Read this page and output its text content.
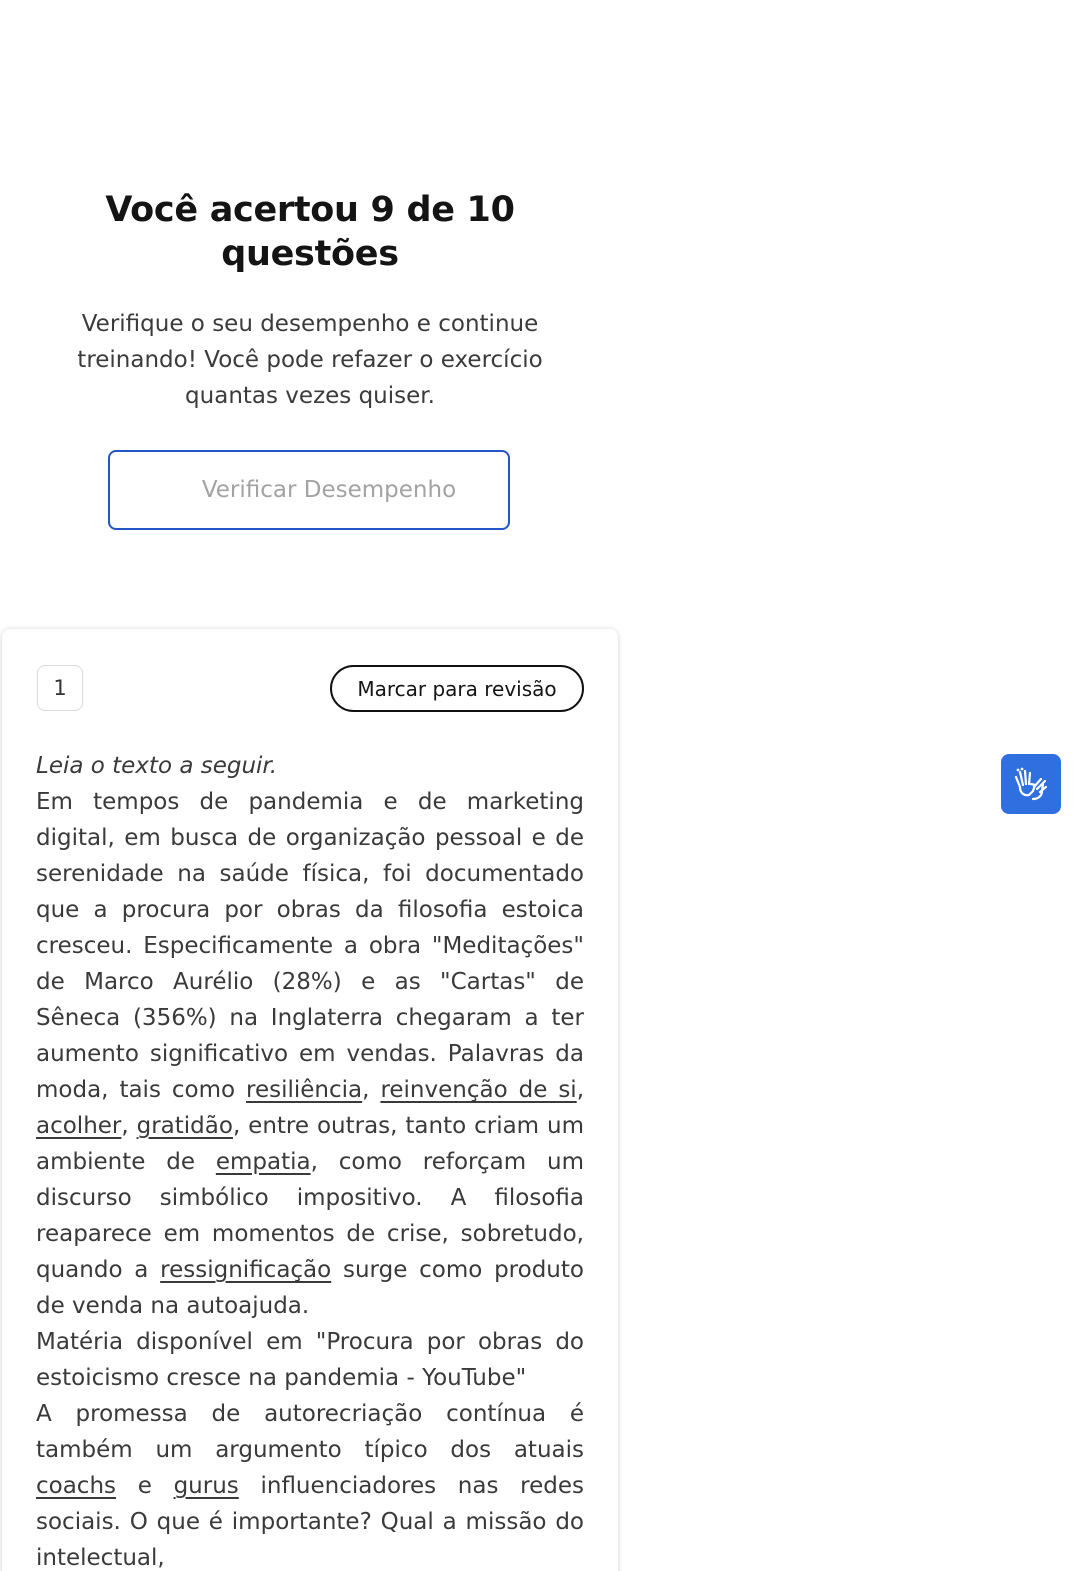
Você acertou 9 de 10 questões

Verifique o seu desempenho e continue treinando! Você pode refazer o exercício quantas vezes quiser.

Verificar Desempenho
1	Marcar para revisão

Leia o texto a seguir.

Em tempos de pandemia e de marketing digital, em busca de organização pessoal e de serenidade na saúde física, foi documentado que a procura por obras da filosofia estoica cresceu. Especificamente a obra "Meditações" de Marco Aurélio (28%) e as "Cartas" de Sêneca (356%) na Inglaterra chegaram a ter aumento significativo em vendas. Palavras da moda, tais como resiliência, reinvenção de si, acolher, gratidão, entre outras, tanto criam um ambiente de empatia, como reforçam um discurso simbólico impositivo. A filosofia reaparece em momentos de crise, sobretudo, quando a ressignificação surge como produto de venda na autoajuda.

Matéria disponível em "Procura por obras do estoicismo cresce na pandemia - YouTube"

A promessa de autorecriação contínua é também um argumento típico dos atuais coachs e gurus influenciadores nas redes sociais. O que é importante? Qual a missão do intelectual,
